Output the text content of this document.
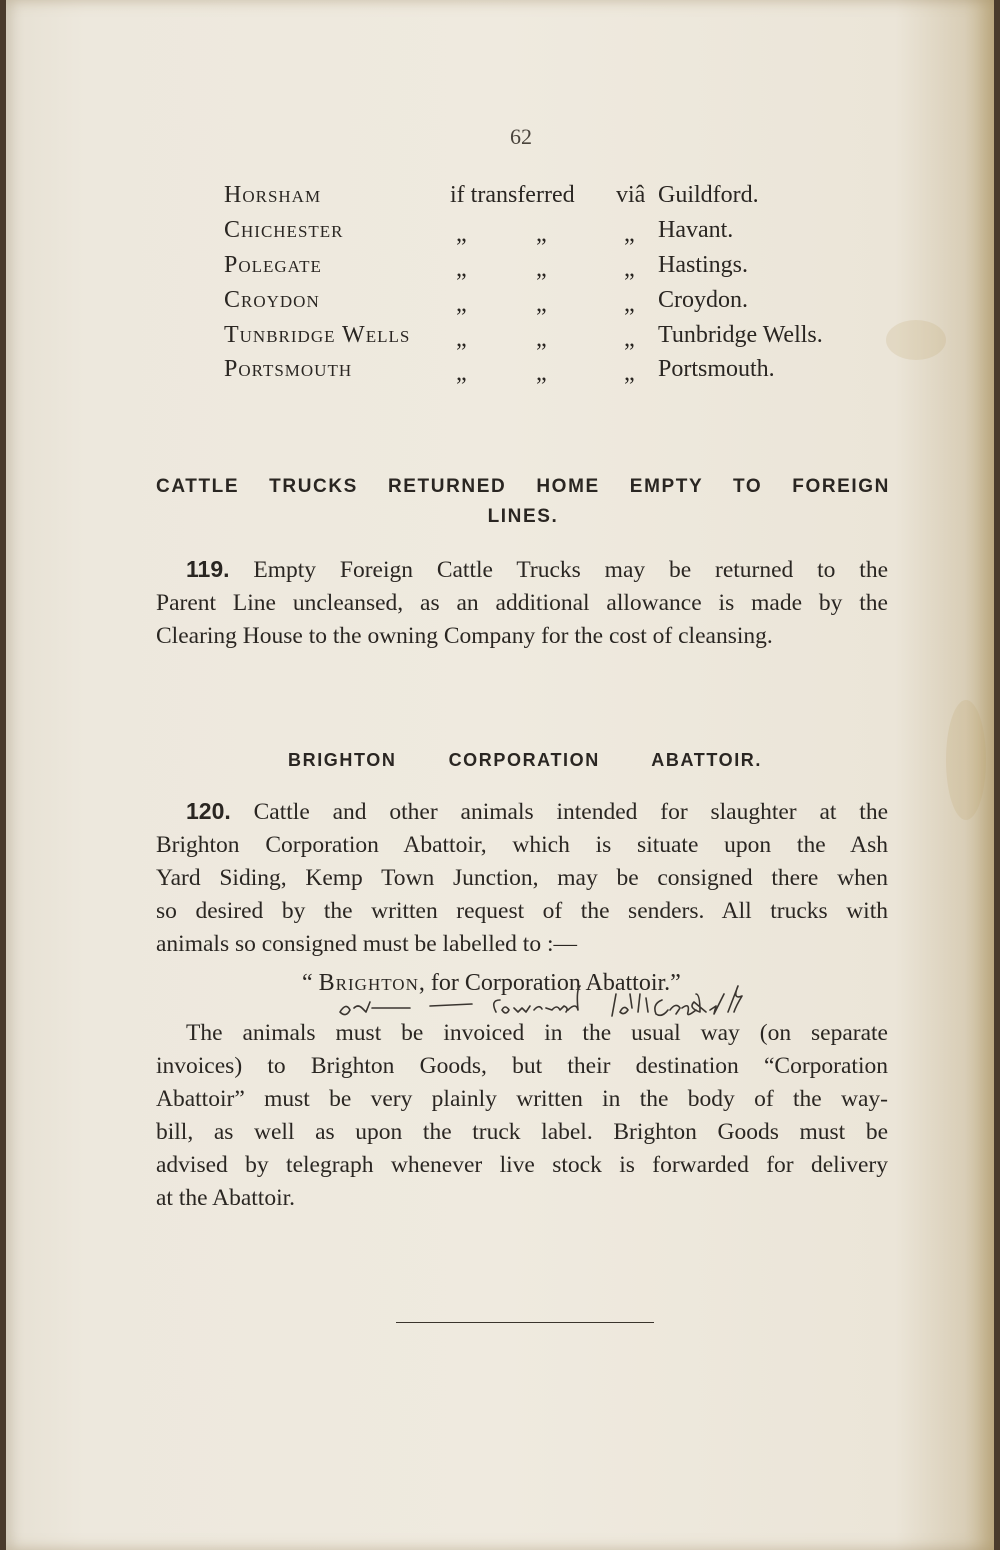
62
Horsham	if transferred viâ Guildford.
Chichester	„	„	„ Havant.
Polegate	„	„	„ Hastings.
Croydon	„	„	„ Croydon.
Tunbridge Wells „	„	„ Tunbridge Wells.
Portsmouth	„	„	„ Portsmouth.
CATTLE TRUCKS RETURNED HOME EMPTY TO FOREIGN
LINES.
119. Empty Foreign Cattle Trucks may be returned to the
Parent Line uncleansed, as an additional allowance is made by the
Clearing House to the owning Company for the cost of cleansing.
BRIGHTON CORPORATION ABATTOIR.
120. Cattle and other animals intended for slaughter at the
Brighton Corporation Abattoir, which is situate upon the Ash
Yard Siding, Kemp Town Junction, may be consigned there when
so desired by the written request of the senders. All trucks with
animals so consigned must be labelled to :—
“ Brighton, for Corporation Abattoir.”
The animals must be invoiced in the usual way (on separate
invoices) to Brighton Goods, but their destination “Corporation
Abattoir” must be very plainly written in the body of the way-
bill, as well as upon the truck label. Brighton Goods must be
advised by telegraph whenever live stock is forwarded for delivery
at the Abattoir.
